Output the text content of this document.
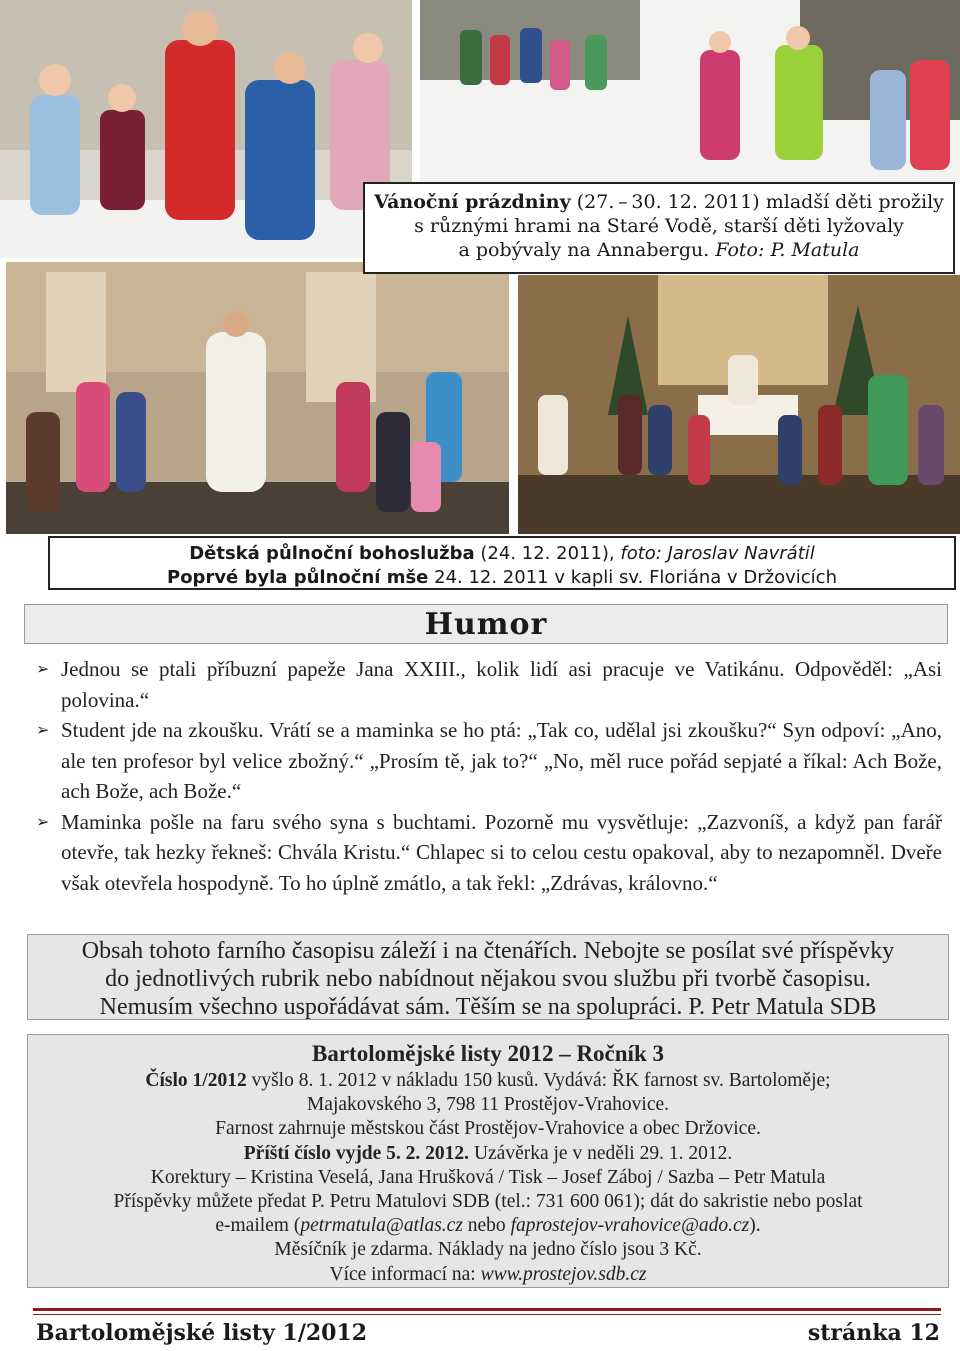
Vánoční prázdniny (27. – 30. 12. 2011) mladší děti prožily
s různými hrami na Staré Vodě, starší děti lyžovaly
a pobývaly na Annabergu. Foto: P. Matula
Dětská půlnoční bohoslužba (24. 12. 2011), foto: Jaroslav Navrátil
Poprvé byla půlnoční mše 24. 12. 2011 v kapli sv. Floriána v Držovicích
Humor
➢ Jednou se ptali příbuzní papeže Jana XXIII., kolik lidí asi pracuje ve Vatikánu. Odpověděl: „Asi polovina.“
➢ Student jde na zkoušku. Vrátí se a maminka se ho ptá: „Tak co, udělal jsi zkoušku?“ Syn odpoví: „Ano, ale ten profesor byl velice zbožný.“ „Prosím tě, jak to?“ „No, měl ruce pořád sepjaté a říkal: Ach Bože, ach Bože, ach Bože.“
➢ Maminka pošle na faru svého syna s buchtami. Pozorně mu vysvětluje: „Zazvoníš, a když pan farář otevře, tak hezky řekneš: Chvála Kristu.“ Chlapec si to celou cestu opakoval, aby to nezapomněl. Dveře však otevřela hospodyně. To ho úplně zmátlo, a tak řekl: „Zdrávas, královno.“
Obsah tohoto farního časopisu záleží i na čtenářích. Nebojte se posílat své příspěvky
do jednotlivých rubrik nebo nabídnout nějakou svou službu při tvorbě časopisu.
Nemusím všechno uspořádávat sám. Těším se na spolupráci. P. Petr Matula SDB
Bartolomějské listy 2012 – Ročník 3
Číslo 1/2012 vyšlo 8. 1. 2012 v nákladu 150 kusů. Vydává: ŘK farnost sv. Bartoloměje;
Majakovského 3, 798 11 Prostějov-Vrahovice.
Farnost zahrnuje městskou část Prostějov-Vrahovice a obec Držovice.
Příští číslo vyjde 5. 2. 2012. Uzávěrka je v neděli 29. 1. 2012.
Korektury – Kristina Veselá, Jana Hrušková / Tisk – Josef Záboj / Sazba – Petr Matula
Příspěvky můžete předat P. Petru Matulovi SDB (tel.: 731 600 061); dát do sakristie nebo poslat
e-mailem (petrmatula@atlas.cz nebo faprostejov-vrahovice@ado.cz).
Měsíčník je zdarma. Náklady na jedno číslo jsou 3 Kč.
Více informací na: www.prostejov.sdb.cz
Bartolomějské listy 1/2012	stránka 12
